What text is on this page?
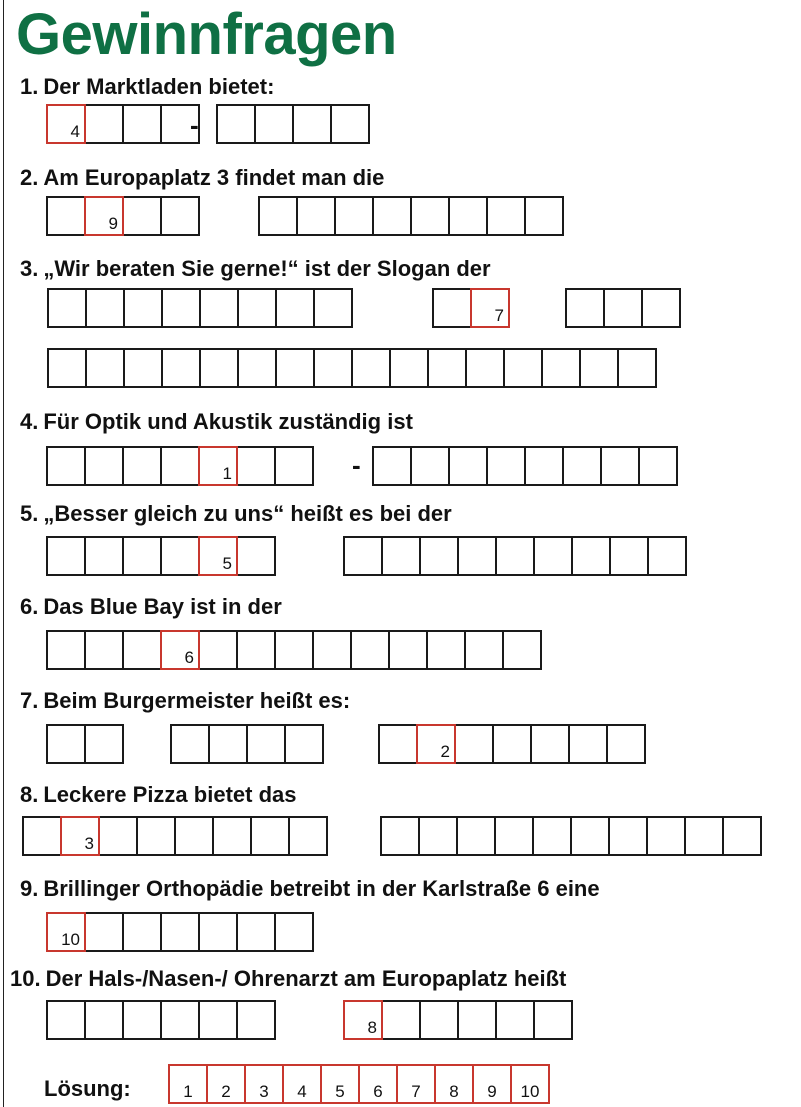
Gewinnfragen

1. Der Marktladen bietet:

4	-

2. Am Europaplatz 3 findet man die

9

3. „Wir beraten Sie gerne!“ ist der Slogan der

7

4. Für Optik und Akustik zuständig ist

1	-

5. „Besser gleich zu uns“ heißt es bei der

5

6. Das Blue Bay ist in der

6

7. Beim Burgermeister heißt es:

2

8. Leckere Pizza bietet das

3

9. Brillinger Orthopädie betreibt in der Karlstraße 6 eine

10

10. Der Hals-/Nasen-/ Ohrenarzt am Europaplatz heißt

8

Lösung:	1	2	3	4	5	6	7	8	9	10
